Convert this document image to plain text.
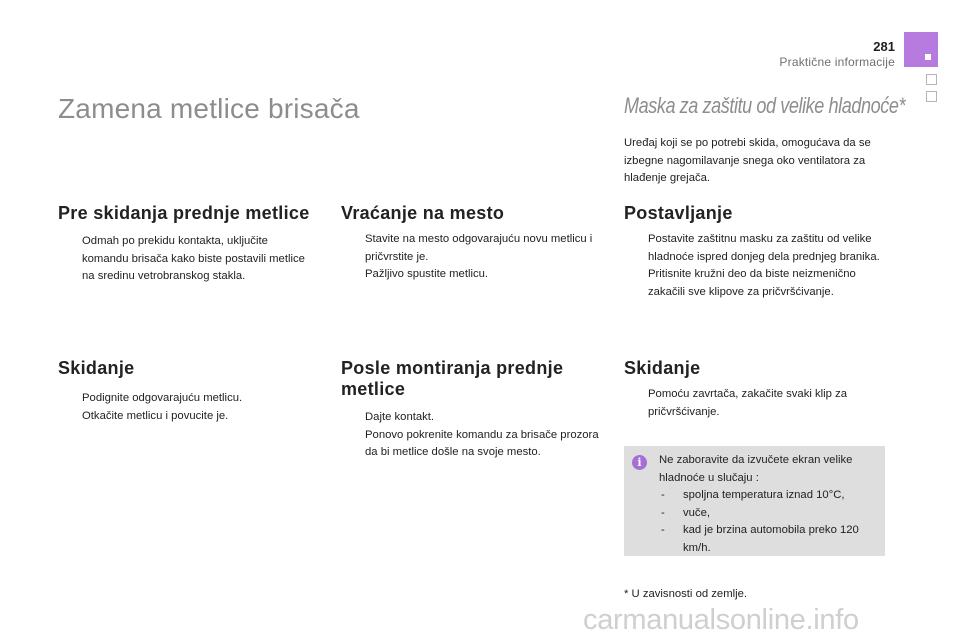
281
Praktične informacije
Zamena metlice brisača	Maska za zaštitu od velike hladnoće*
Uređaj koji se po potrebi skida, omogućava da se izbegne nagomilavanje snega oko ventilatora za hlađenje grejača.
Pre skidanja prednje metlice
Odmah po prekidu kontakta, uključite komandu brisača kako biste postavili metlice na sredinu vetrobranskog stakla.
Skidanje
Podignite odgovarajuću metlicu.
Otkačite metlicu i povucite je.
Vraćanje na mesto
Stavite na mesto odgovarajuću novu metlicu i pričvrstite je.
Pažljivo spustite metlicu.
Posle montiranja prednje metlice
Dajte kontakt.
Ponovo pokrenite komandu za brisače prozora da bi metlice došle na svoje mesto.
Postavljanje
Postavite zaštitnu masku za zaštitu od velike hladnoće ispred donjeg dela prednjeg branika.
Pritisnite kružni deo da biste neizmenično zakačili sve klipove za pričvršćivanje.
Skidanje
Pomoću zavrtača, zakačite svaki klip za pričvršćivanje.
i	Ne zaboravite da izvučete ekran velike hladnoće u slučaju :
- spoljna temperatura iznad 10°C,
- vuče,
- kad je brzina automobila preko 120 km/h.
* U zavisnosti od zemlje.
carmanualsonline.info
